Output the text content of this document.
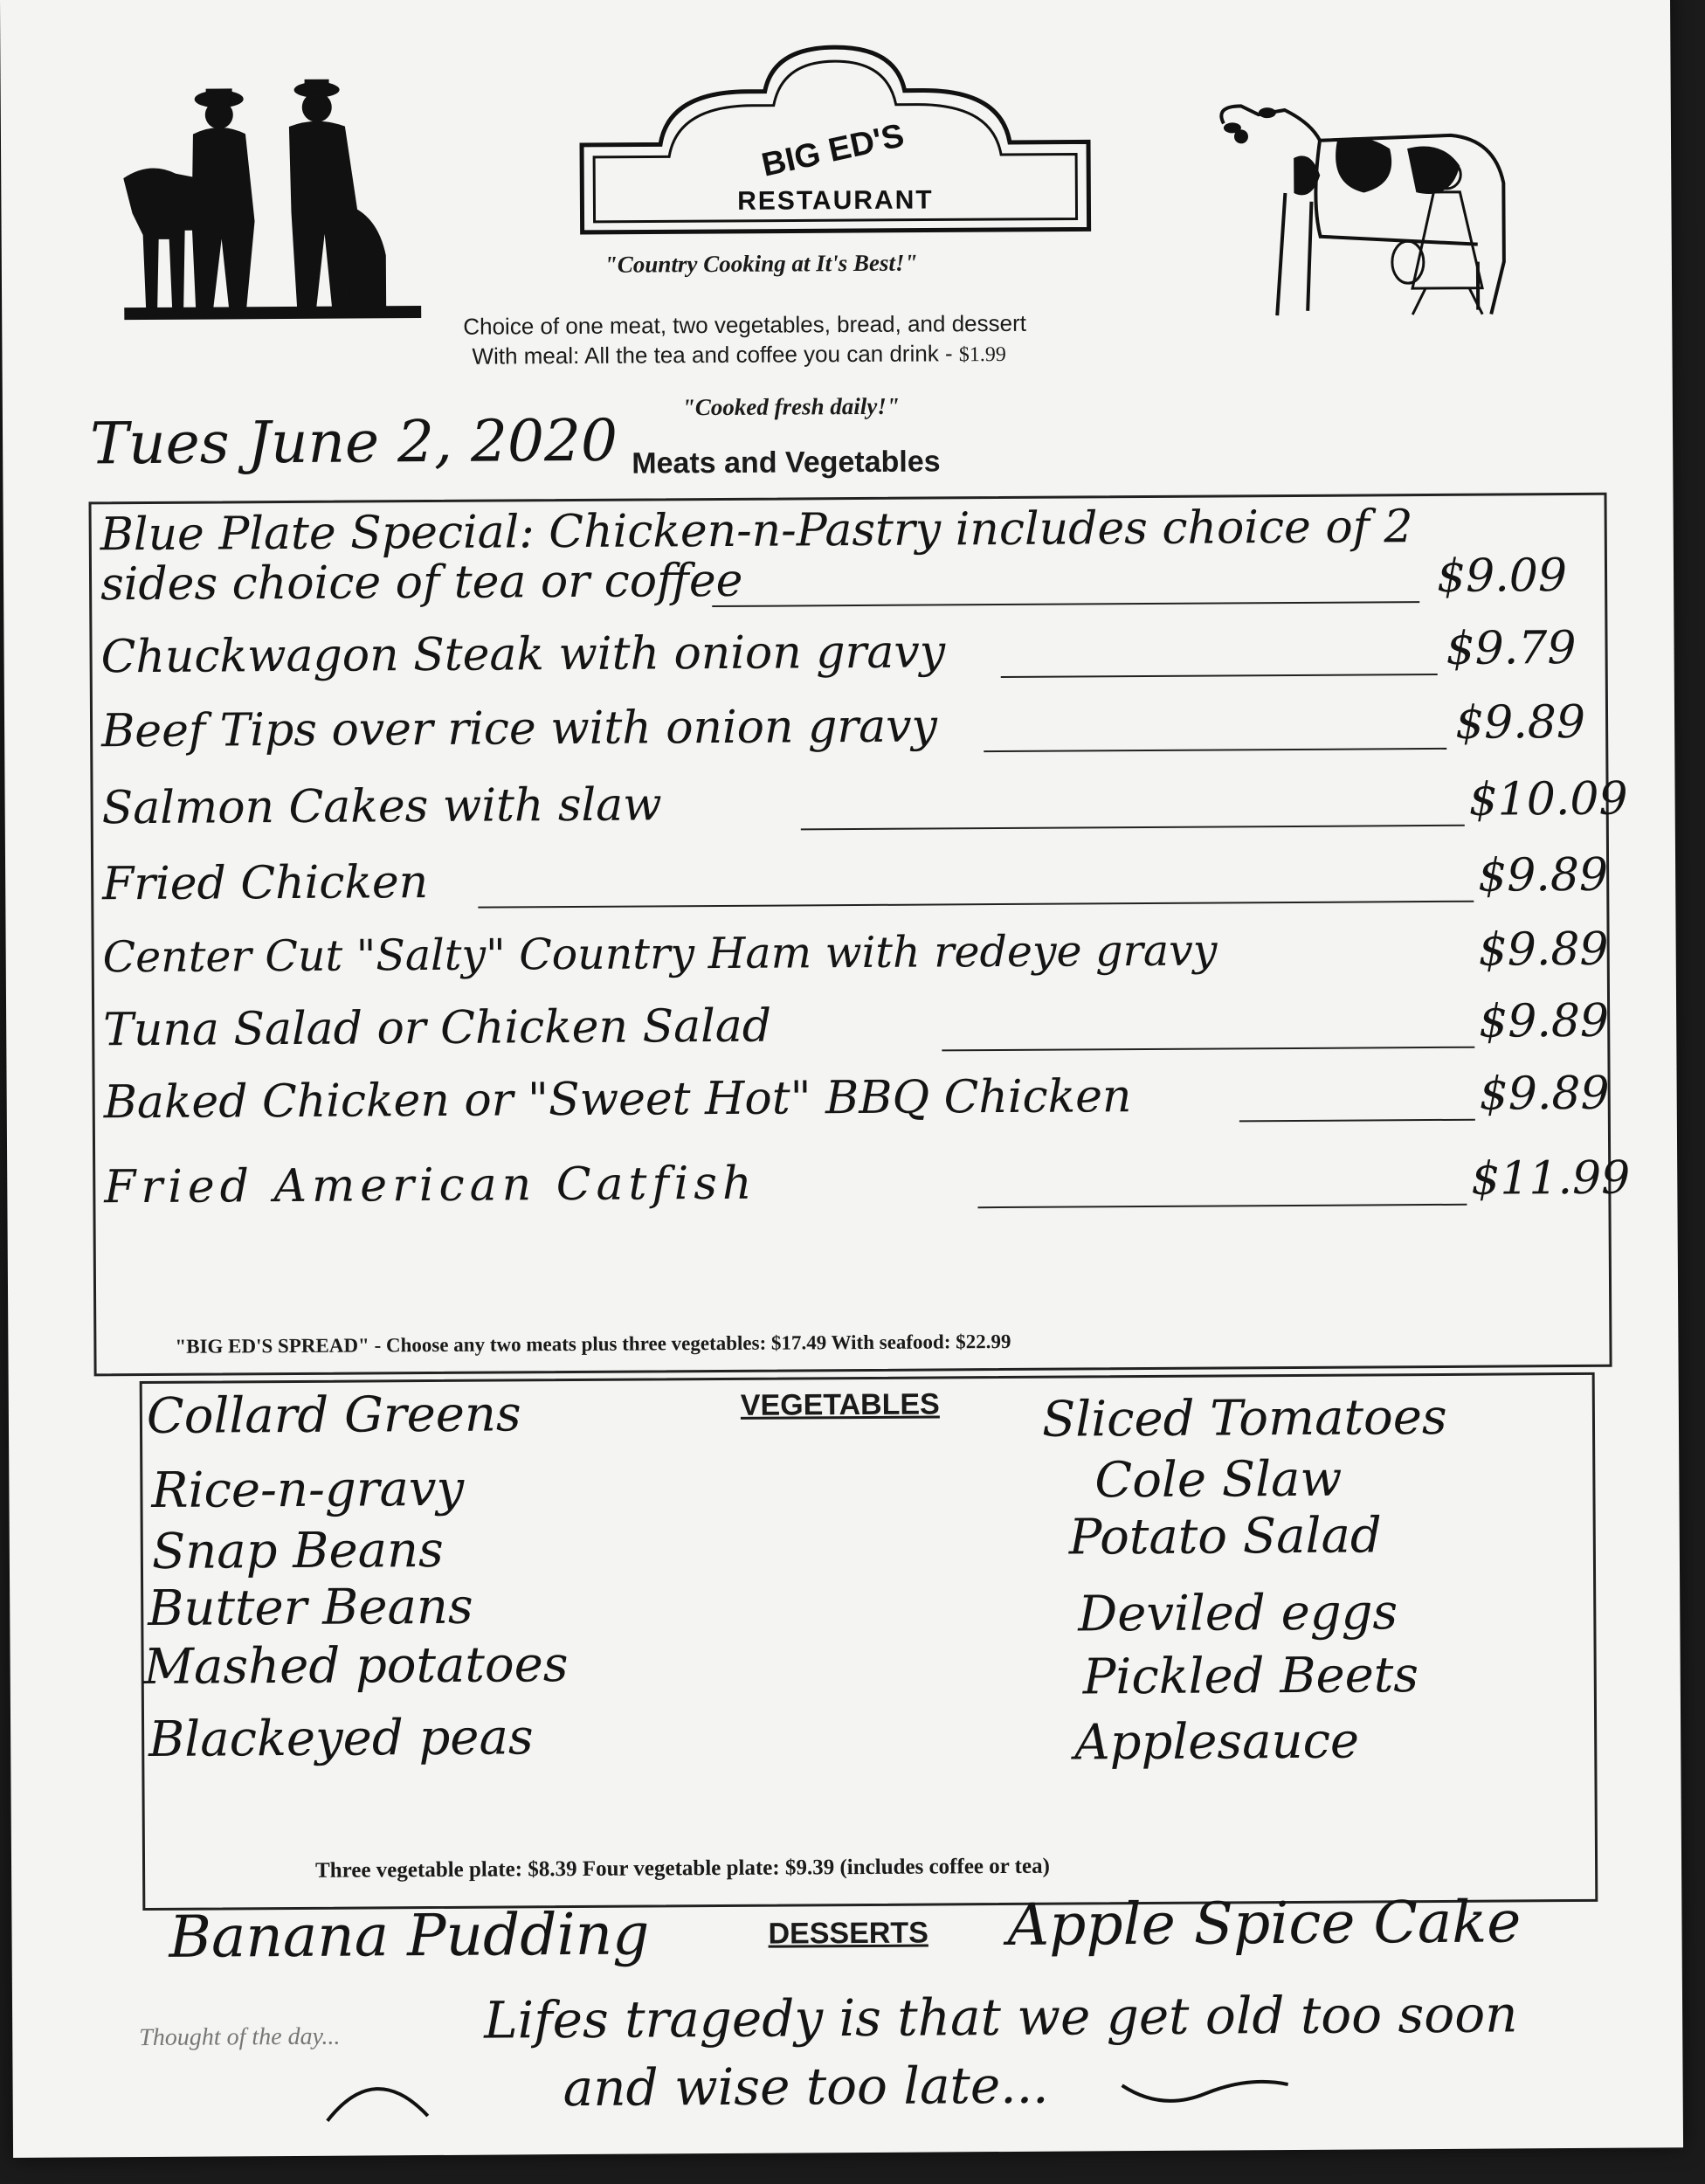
BIG ED'S
RESTAURANT
"Country Cooking at It's Best!"
Choice of one meat, two vegetables, bread, and dessert
With meal: All the tea and coffee you can drink - $1.99
"Cooked fresh daily!"
Tues June 2, 2020 Meats and Vegetables
Blue Plate Special: Chicken-n-Pastry includes choice of 2
sides choice of tea or coffee	$9.09
Chuckwagon Steak with onion gravy	$9.79
Beef Tips over rice with onion gravy	$9.89
Salmon Cakes with slaw	$10.09
Fried Chicken	$9.89
Center Cut "Salty" Country Ham with redeye gravy	$9.89
Tuna Salad or Chicken Salad	$9.89
Baked Chicken or "Sweet Hot" BBQ Chicken	$9.89
Fried American Catfish	$11.99
"BIG ED'S SPREAD" - Choose any two meats plus three vegetables: $17.49 With seafood: $22.99
VEGETABLES
Collard Greens
Rice-n-gravy
Snap Beans
Butter Beans
Mashed potatoes
Blackeyed peas
Sliced Tomatoes
Cole Slaw
Potato Salad
Deviled eggs
Pickled Beets
Applesauce
Three vegetable plate: $8.39 Four vegetable plate: $9.39 (includes coffee or tea)
Banana Pudding	DESSERTS Apple Spice Cake
Thought of the day...	Lifes tragedy is that we get old too soon
and wise too late...
